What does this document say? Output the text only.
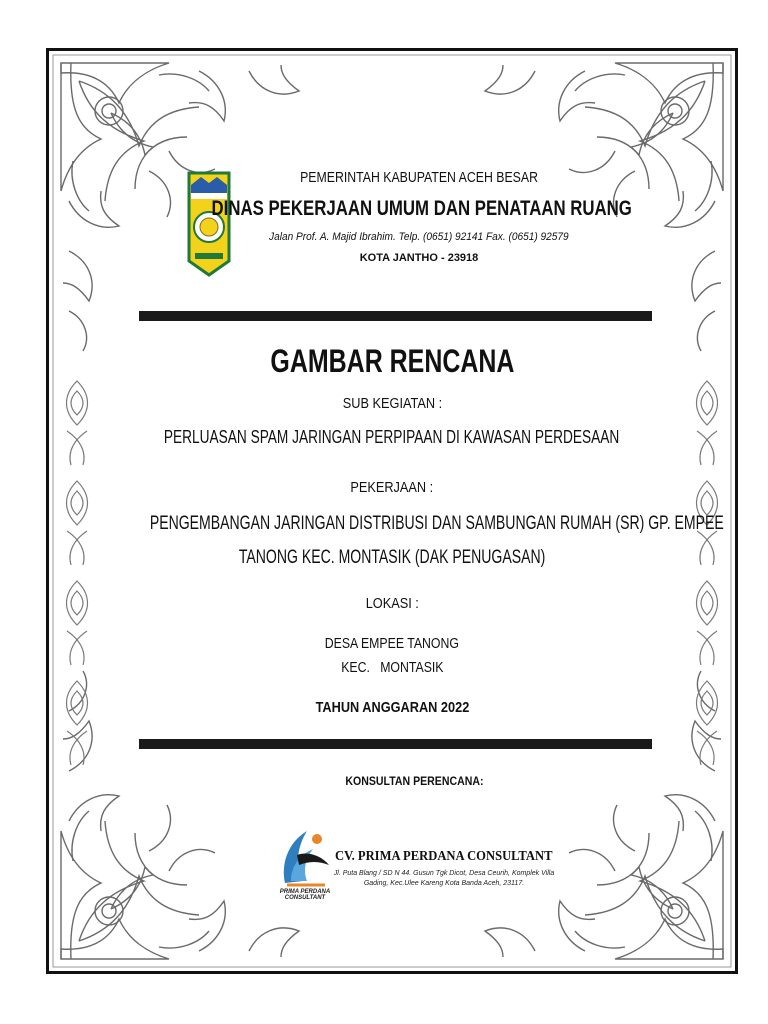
PEMERINTAH KABUPATEN ACEH BESAR
DINAS PEKERJAAN UMUM DAN PENATAAN RUANG
Jalan Prof. A. Majid Ibrahim. Telp. (0651) 92141 Fax. (0651) 92579
KOTA JANTHO - 23918
GAMBAR RENCANA
SUB KEGIATAN :
PERLUASAN SPAM JARINGAN PERPIPAAN DI KAWASAN PERDESAAN
PEKERJAAN :
PENGEMBANGAN JARINGAN DISTRIBUSI DAN SAMBUNGAN RUMAH (SR) GP. EMPEE
TANONG KEC. MONTASIK (DAK PENUGASAN)
LOKASI :
DESA EMPEE TANONG
KEC.   MONTASIK
TAHUN ANGGARAN 2022
KONSULTAN PERENCANA:
PRIMA PERDANA CONSULTANT
CV. PRIMA PERDANA CONSULTANT
Jl. Puta Blang / SD N 44. Gusun Tgk Dicot, Desa Ceurih, Komplek Villa Gading, Kec.Ulee Kareng Kota Banda Aceh, 23117.
